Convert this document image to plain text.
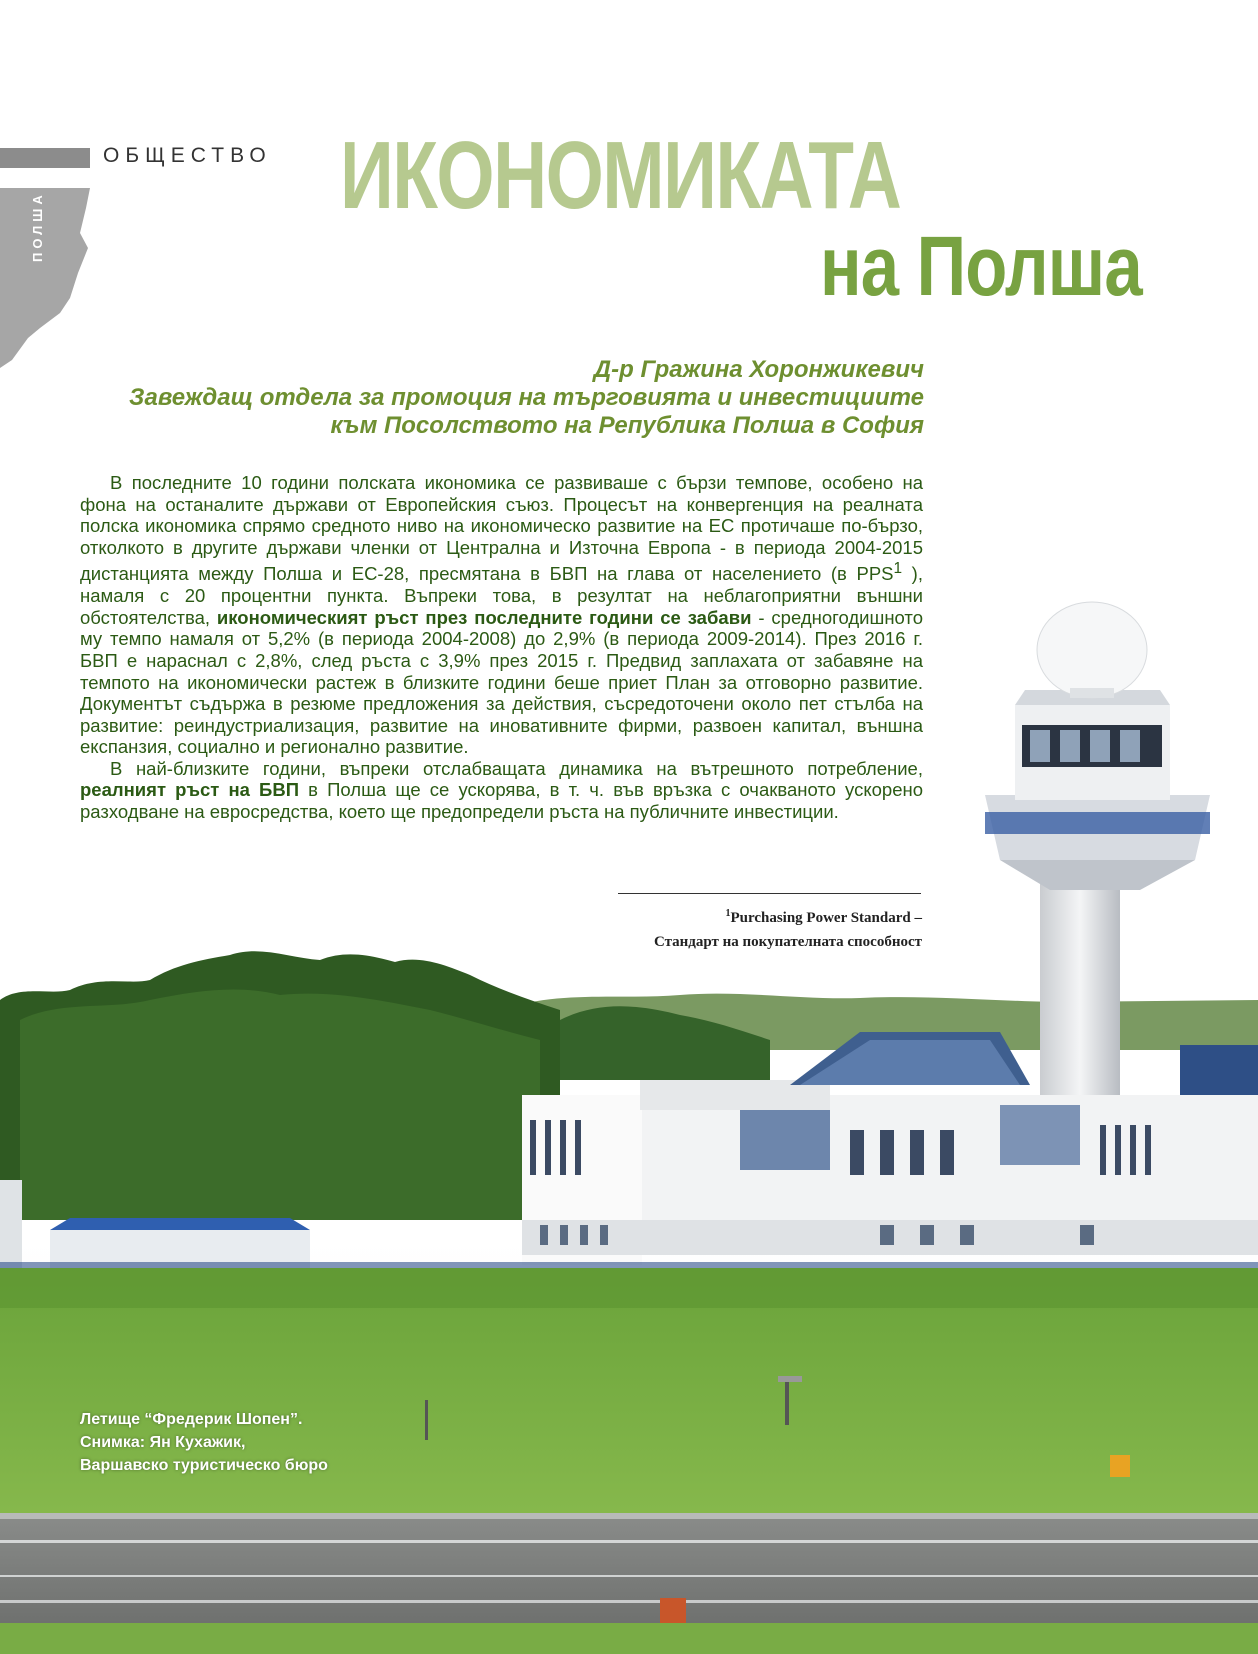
ОБЩЕСТВО
ПОЛША	ИКОНОМИКАТА
на Полша
Д-р Гражина Хоронжикевич
Завеждащ отдела за промоция на търговията и инвестициите
към Посолството на Република Полша в София

В последните 10 години полската икономика се развиваше с бързи темпове, особено на фона на останалите държави от Европейския съюз. Процесът на конвергенция на реалната полска икономика спрямо средното ниво на икономическо развитие на ЕС протичаше по-бързо, отколкото в другите държави членки от Централна и Източна Европа - в периода 2004-2015 дистанцията между Полша и ЕС-28, пресмятана в БВП на глава от населението (в PPS$^1$ ), намаля с 20 процентни пункта. Въпреки това, в резултат на неблагоприятни външни обстоятелства, икономическият ръст през последните години се забави - средногодишното му темпо намаля от 5,2% (в периода 2004-2008) до 2,9% (в периода 2009-2014). През 2016 г. БВП е нараснал с 2,8%, след ръста с 3,9% през 2015 г. Предвид заплахата от забавяне на темпото на икономически растеж в близките години беше приет План за отговорно развитие. Документът съдържа в резюме предложения за действия, съсредоточени около пет стълба на развитие: реиндустриализация, развитие на иновативните фирми, развоен капитал, външна експанзия, социално и регионално развитие.

В най-близките години, въпреки отслабващата динамика на вътрешното потребление, реалният ръст на БВП в Полша ще се ускорява, в т. ч. във връзка с очакваното ускорено разходване на евросредства, което ще предопредели ръста на публичните инвестиции.

$^1$Purchasing Power Standard –
Стандарт на покупателната способност
Летище “Фредерик Шопен”.
Снимка: Ян Кухажик,
Варшавско туристическо бюро
